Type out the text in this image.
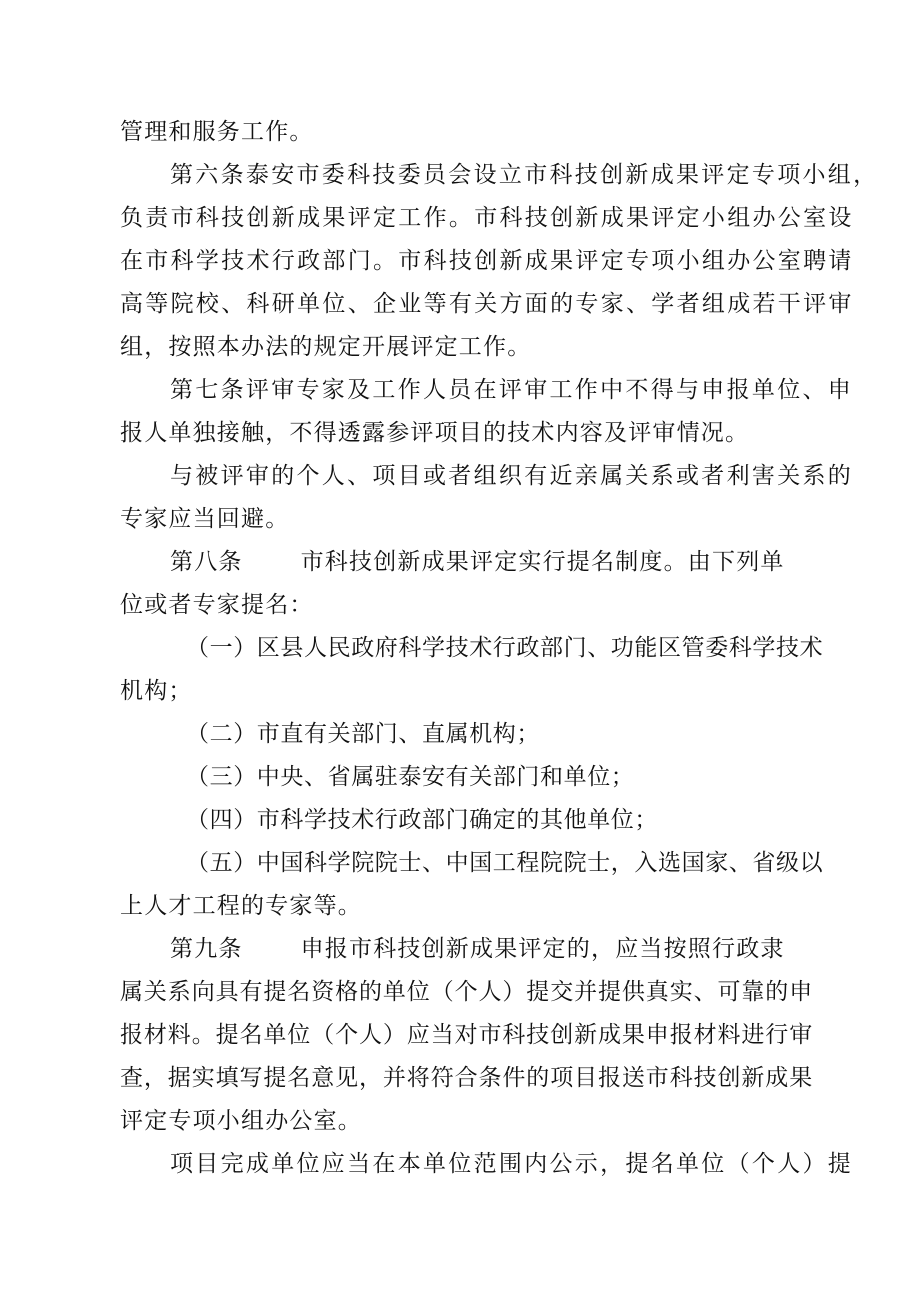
管理和服务工作。
第六条泰安市委科技委员会设立市科技创新成果评定专项小组，
负责市科技创新成果评定工作。市科技创新成果评定小组办公室设
在市科学技术行政部门。市科技创新成果评定专项小组办公室聘请
高等院校、科研单位、企业等有关方面的专家、学者组成若干评审
组，按照本办法的规定开展评定工作。
第七条评审专家及工作人员在评审工作中不得与申报单位、申
报人单独接触，不得透露参评项目的技术内容及评审情况。
与被评审的个人、项目或者组织有近亲属关系或者利害关系的
专家应当回避。
第八条	市科技创新成果评定实行提名制度。由下列单
位或者专家提名：
（一）区县人民政府科学技术行政部门、功能区管委科学技术
机构；
（二）市直有关部门、直属机构；
（三）中央、省属驻泰安有关部门和单位；
（四）市科学技术行政部门确定的其他单位；
（五）中国科学院院士、中国工程院院士，入选国家、省级以
上人才工程的专家等。
第九条	申报市科技创新成果评定的，应当按照行政隶
属关系向具有提名资格的单位（个人）提交并提供真实、可靠的申
报材料。提名单位（个人）应当对市科技创新成果申报材料进行审
查，据实填写提名意见，并将符合条件的项目报送市科技创新成果
评定专项小组办公室。
项目完成单位应当在本单位范围内公示，提名单位（个人）提
